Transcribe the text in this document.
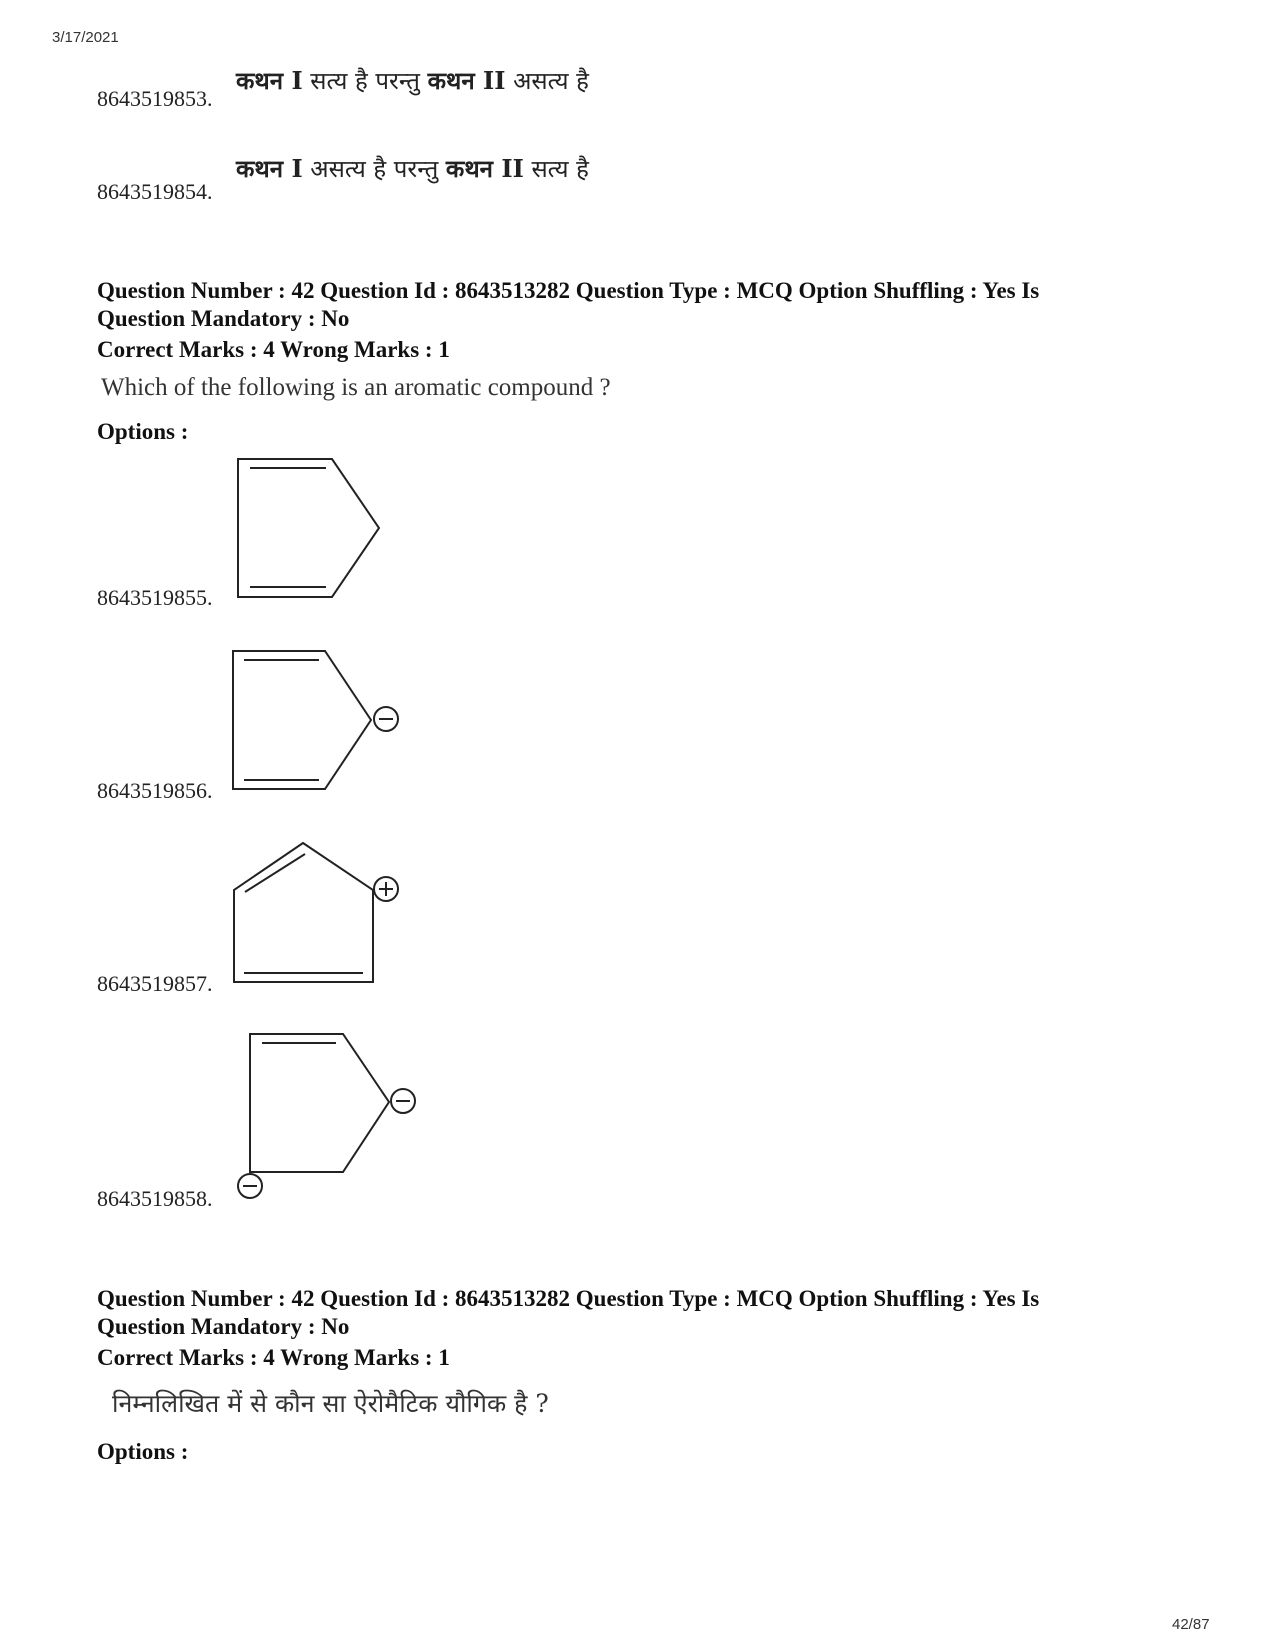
3/17/2021
42/87
8643519853.
कथन I सत्य है परन्तु कथन II असत्य है
8643519854.
कथन I असत्य है परन्तु कथन II सत्य है
Question Number : 42 Question Id : 8643513282 Question Type : MCQ Option Shuffling : Yes Is
Question Mandatory : No
Correct Marks : 4 Wrong Marks : 1
Which of the following is an aromatic compound ?
Options :
8643519855.
8643519856.
8643519857.
8643519858.
Question Number : 42 Question Id : 8643513282 Question Type : MCQ Option Shuffling : Yes Is
Question Mandatory : No
Correct Marks : 4 Wrong Marks : 1
निम्नलिखित में से कौन सा ऐरोमैटिक यौगिक है ?
Options :
